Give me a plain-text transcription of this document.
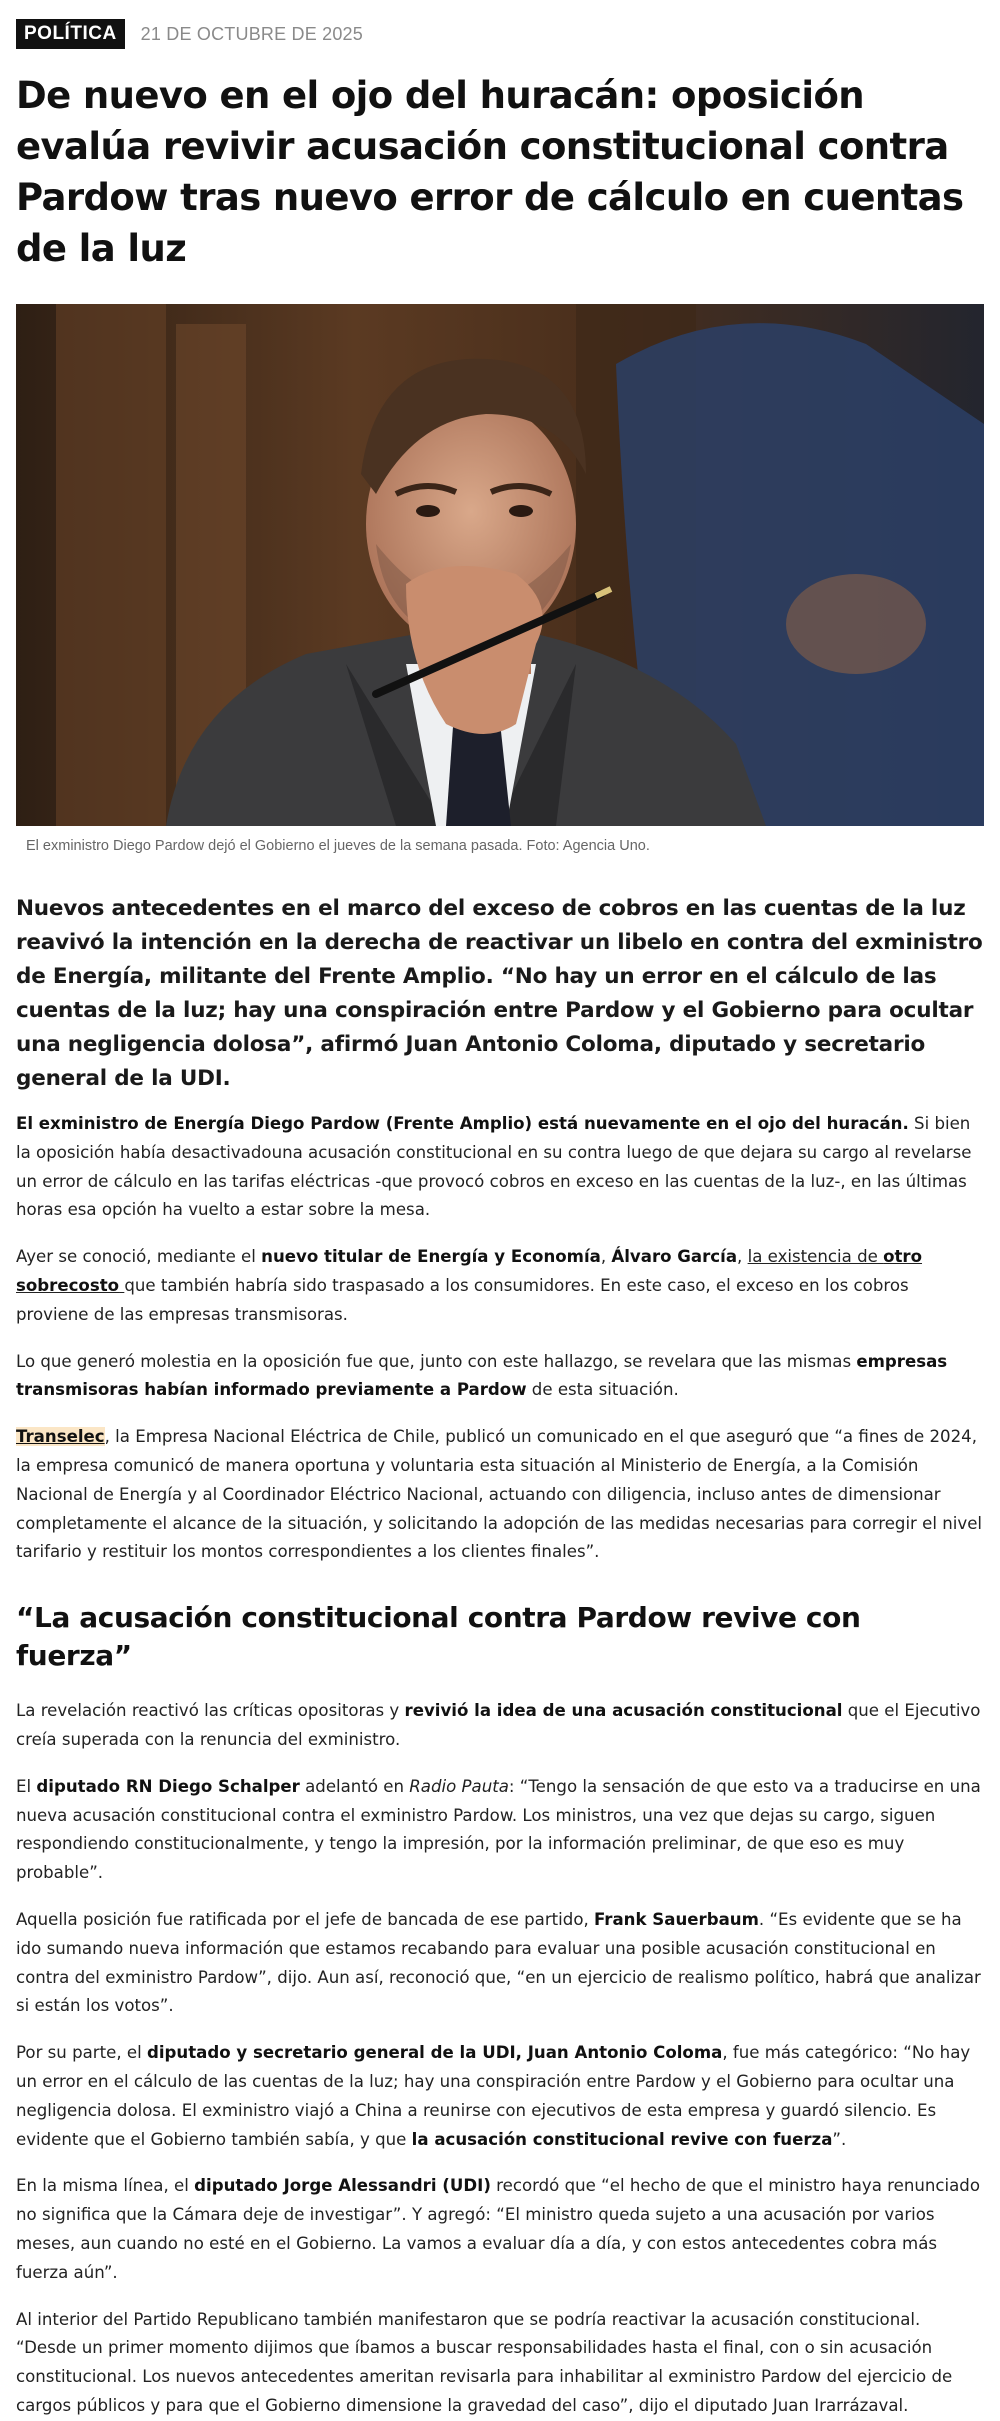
POLÍTICA	21 DE OCTUBRE DE 2025
De nuevo en el ojo del huracán: oposición evalúa revivir acusación constitucional contra Pardow tras nuevo error de cálculo en cuentas de la luz
El exministro Diego Pardow dejó el Gobierno el jueves de la semana pasada. Foto: Agencia Uno.
Nuevos antecedentes en el marco del exceso de cobros en las cuentas de la luz reavivó la intención en la derecha de reactivar un libelo en contra del exministro de Energía, militante del Frente Amplio. “No hay un error en el cálculo de las cuentas de la luz; hay una conspiración entre Pardow y el Gobierno para ocultar una negligencia dolosa”, afirmó Juan Antonio Coloma, diputado y secretario general de la UDI.

El exministro de Energía Diego Pardow (Frente Amplio) está nuevamente en el ojo del huracán. Si bien la oposición había desactivadouna acusación constitucional en su contra luego de que dejara su cargo al revelarse un error de cálculo en las tarifas eléctricas -que provocó cobros en exceso en las cuentas de la luz-, en las últimas horas esa opción ha vuelto a estar sobre la mesa.

Ayer se conoció, mediante el nuevo titular de Energía y Economía, Álvaro García, la existencia de otro sobrecosto que también habría sido traspasado a los consumidores. En este caso, el exceso en los cobros proviene de las empresas transmisoras.

Lo que generó molestia en la oposición fue que, junto con este hallazgo, se revelara que las mismas empresas transmisoras habían informado previamente a Pardow de esta situación.

Transelec, la Empresa Nacional Eléctrica de Chile, publicó un comunicado en el que aseguró que “a fines de 2024, la empresa comunicó de manera oportuna y voluntaria esta situación al Ministerio de Energía, a la Comisión Nacional de Energía y al Coordinador Eléctrico Nacional, actuando con diligencia, incluso antes de dimensionar completamente el alcance de la situación, y solicitando la adopción de las medidas necesarias para corregir el nivel tarifario y restituir los montos correspondientes a los clientes finales”.

“La acusación constitucional contra Pardow revive con fuerza”

La revelación reactivó las críticas opositoras y revivió la idea de una acusación constitucional que el Ejecutivo creía superada con la renuncia del exministro.

El diputado RN Diego Schalper adelantó en Radio Pauta: “Tengo la sensación de que esto va a traducirse en una nueva acusación constitucional contra el exministro Pardow. Los ministros, una vez que dejas su cargo, siguen respondiendo constitucionalmente, y tengo la impresión, por la información preliminar, de que eso es muy probable”.

Aquella posición fue ratificada por el jefe de bancada de ese partido, Frank Sauerbaum. “Es evidente que se ha ido sumando nueva información que estamos recabando para evaluar una posible acusación constitucional en contra del exministro Pardow”, dijo. Aun así, reconoció que, “en un ejercicio de realismo político, habrá que analizar si están los votos”.

Por su parte, el diputado y secretario general de la UDI, Juan Antonio Coloma, fue más categórico: “No hay un error en el cálculo de las cuentas de la luz; hay una conspiración entre Pardow y el Gobierno para ocultar una negligencia dolosa. El exministro viajó a China a reunirse con ejecutivos de esta empresa y guardó silencio. Es evidente que el Gobierno también sabía, y que la acusación constitucional revive con fuerza”.

En la misma línea, el diputado Jorge Alessandri (UDI) recordó que “el hecho de que el ministro haya renunciado no significa que la Cámara deje de investigar”. Y agregó: “El ministro queda sujeto a una acusación por varios meses, aun cuando no esté en el Gobierno. La vamos a evaluar día a día, y con estos antecedentes cobra más fuerza aún”.

Al interior del Partido Republicano también manifestaron que se podría reactivar la acusación constitucional. “Desde un primer momento dijimos que íbamos a buscar responsabilidades hasta el final, con o sin acusación constitucional. Los nuevos antecedentes ameritan revisarla para inhabilitar al exministro Pardow del ejercicio de cargos públicos y para que el Gobierno dimensione la gravedad del caso”, dijo el diputado Juan Irarrázaval.
